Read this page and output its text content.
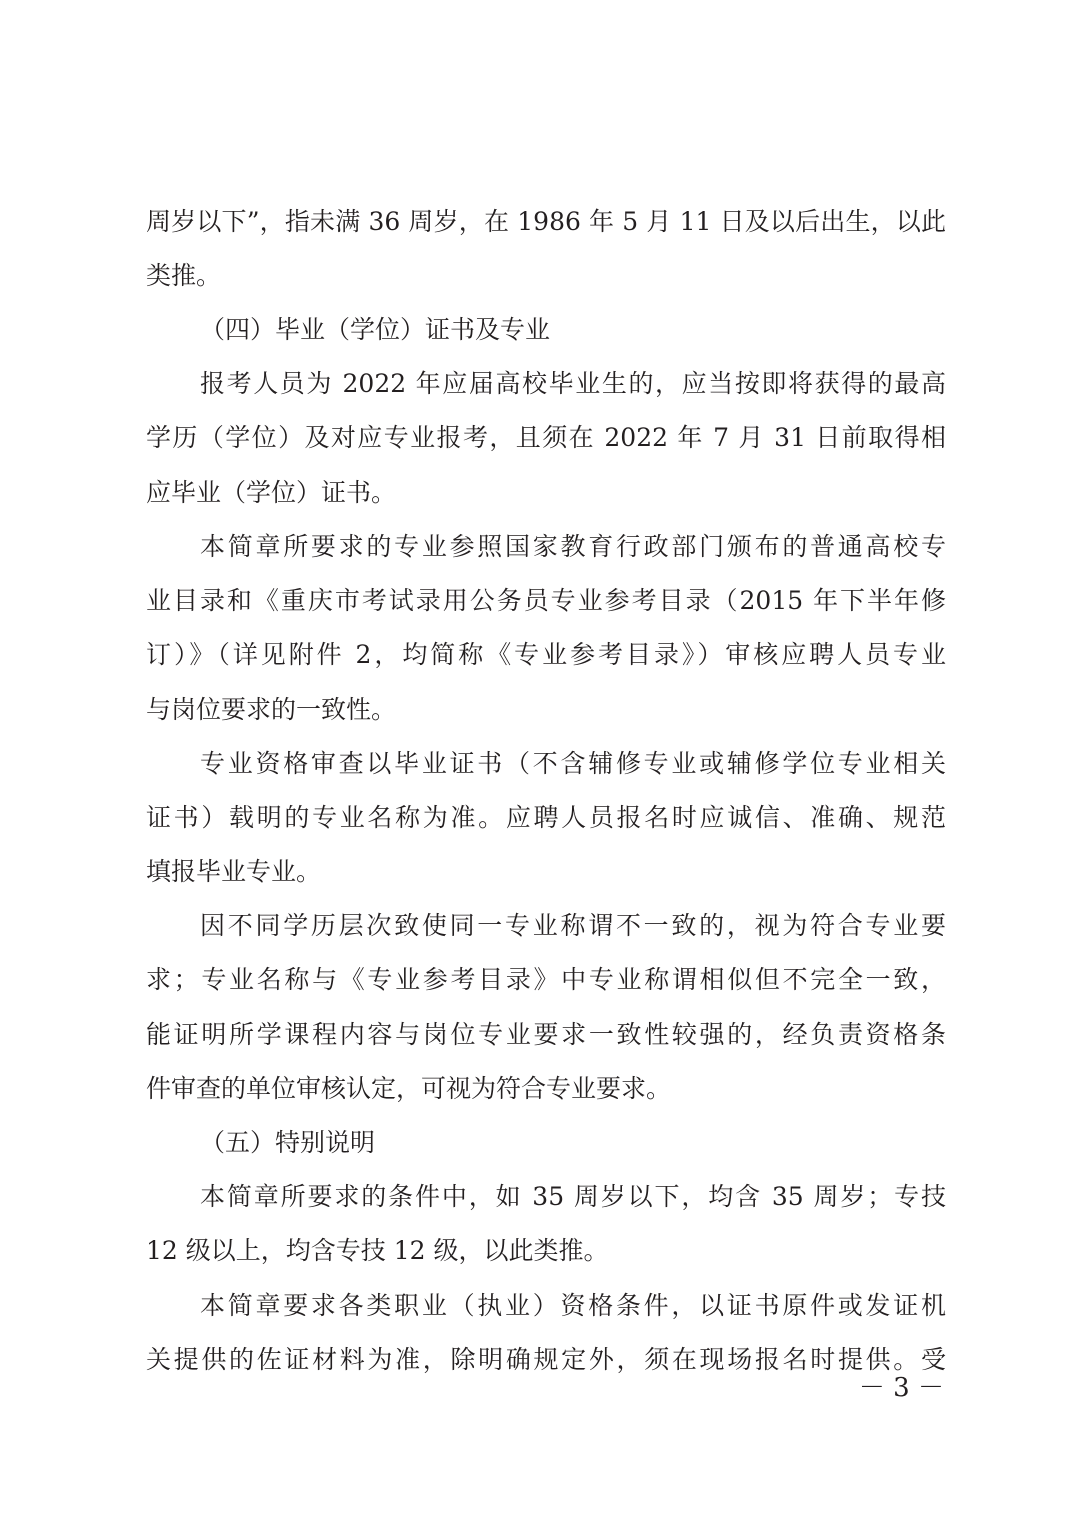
周岁以下”，指未满 36 周岁，在 1986 年 5 月 11 日及以后出生，以此
类推。
（四）毕业（学位）证书及专业
报考人员为 2022 年应届高校毕业生的，应当按即将获得的最高
学历（学位）及对应专业报考，且须在 2022 年 7 月 31 日前取得相
应毕业（学位）证书。
本简章所要求的专业参照国家教育行政部门颁布的普通高校专
业目录和《重庆市考试录用公务员专业参考目录（2015 年下半年修
订）》（详见附件 2，均简称《专业参考目录》）审核应聘人员专业
与岗位要求的一致性。
专业资格审查以毕业证书（不含辅修专业或辅修学位专业相关
证书）载明的专业名称为准。应聘人员报名时应诚信、准确、规范
填报毕业专业。
因不同学历层次致使同一专业称谓不一致的，视为符合专业要
求；专业名称与《专业参考目录》中专业称谓相似但不完全一致，
能证明所学课程内容与岗位专业要求一致性较强的，经负责资格条
件审查的单位审核认定，可视为符合专业要求。
（五）特别说明
本简章所要求的条件中，如 35 周岁以下，均含 35 周岁；专技
12 级以上，均含专技 12 级，以此类推。
本简章要求各类职业（执业）资格条件，以证书原件或发证机
关提供的佐证材料为准，除明确规定外，须在现场报名时提供。受
－ 3 －
